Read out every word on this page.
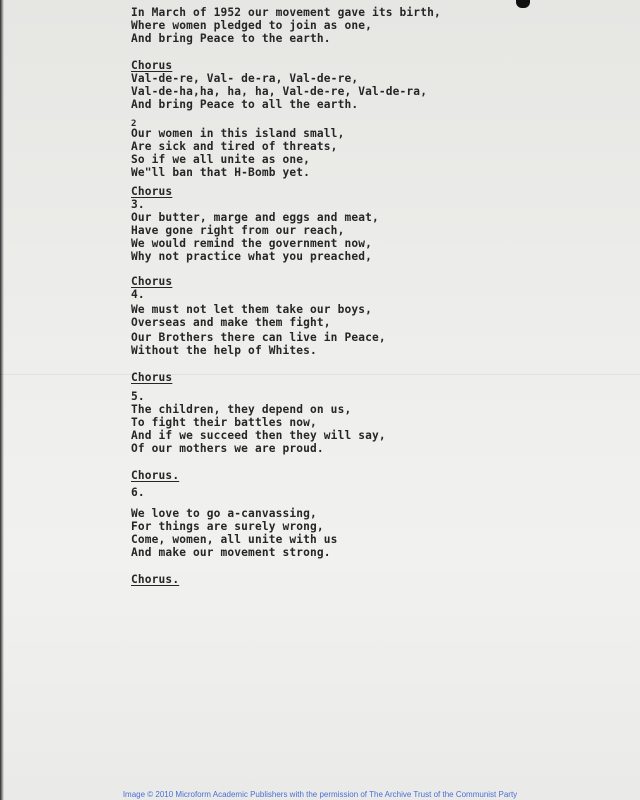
In March of 1952 our movement gave its birth,
Where women pledged to join as one,
And bring Peace to the earth.
Chorus
Val-de-re, Val- de-ra, Val-de-re,
Val-de-ha,ha, ha, ha, Val-de-re, Val-de-ra,
And bring Peace to all the earth.
2
Our women in this island small,
Are sick and tired of threats,
So if we all unite as one,
We"ll ban that H-Bomb yet.
Chorus
3.
Our butter, marge and eggs and meat,
Have gone right from our reach,
We would remind the government now,
Why not practice what you preached,
Chorus
4.
We must not let them take our boys,
Overseas and make them fight,
Our Brothers there can live in Peace,
Without the help of Whites.
Chorus
5.
The children, they depend on us,
To fight their battles now,
And if we succeed then they will say,
Of our mothers we are proud.
Chorus.
6.
We love to go a-canvassing,
For things are surely wrong,
Come, women, all unite with us
And make our movement strong.
Chorus.
Image © 2010 Microform Academic Publishers with the permission of The Archive Trust of the Communist Party
